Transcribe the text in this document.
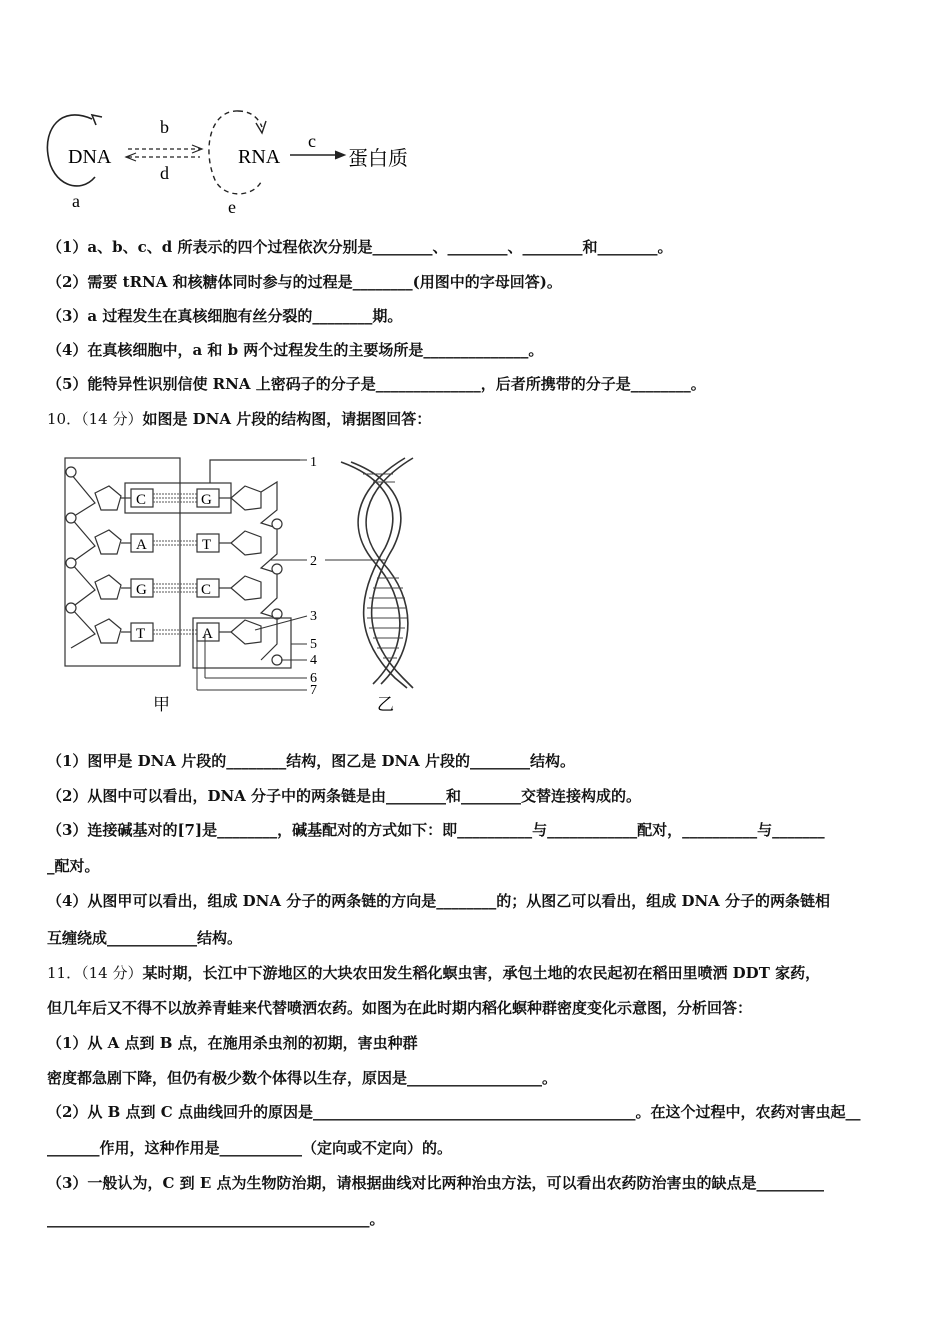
DNA
a
b
d
RNA
e
c
蛋白质
（1）a、b、c、d 所表示的四个过程依次分别是________、________、________和________。
（2）需要 tRNA 和核糖体同时参与的过程是________(用图中的字母回答)。
（3）a 过程发生在真核细胞有丝分裂的________期。
（4）在真核细胞中，a 和 b 两个过程发生的主要场所是______________。
（5）能特异性识别信使 RNA 上密码子的分子是______________，后者所携带的分子是________。
10．（14 分）如图是 DNA 片段的结构图，请据图回答：
C
A
G
T
G
T
C
A
1
2
3
5
4
6
7
甲	乙
（1）图甲是 DNA 片段的________结构，图乙是 DNA 片段的________结构。
（2）从图中可以看出，DNA 分子中的两条链是由________和________交替连接构成的。
（3）连接碱基对的[7]是________，碱基配对的方式如下：即__________与____________配对，__________与_______
_配对。
（4）从图甲可以看出，组成 DNA 分子的两条链的方向是________的；从图乙可以看出，组成 DNA 分子的两条链相
互缠绕成____________结构。
11．（14 分）某时期，长江中下游地区的大块农田发生稻化螟虫害，承包土地的农民起初在稻田里喷洒 DDT 家药，
但几年后又不得不以放养青蛙来代替喷洒农药。如图为在此时期内稻化螟种群密度变化示意图，分析回答：
（1）从 A 点到 B 点，在施用杀虫剂的初期，害虫种群
密度都急剧下降，但仍有极少数个体得以生存，原因是__________________。
（2）从 B 点到 C 点曲线回升的原因是___________________________________________。在这个过程中，农药对害虫起__
_______作用，这种作用是___________（定向或不定向）的。
（3）一般认为，C 到 E 点为生物防治期，请根据曲线对比两种治虫方法，可以看出农药防治害虫的缺点是_________
___________________________________________。
